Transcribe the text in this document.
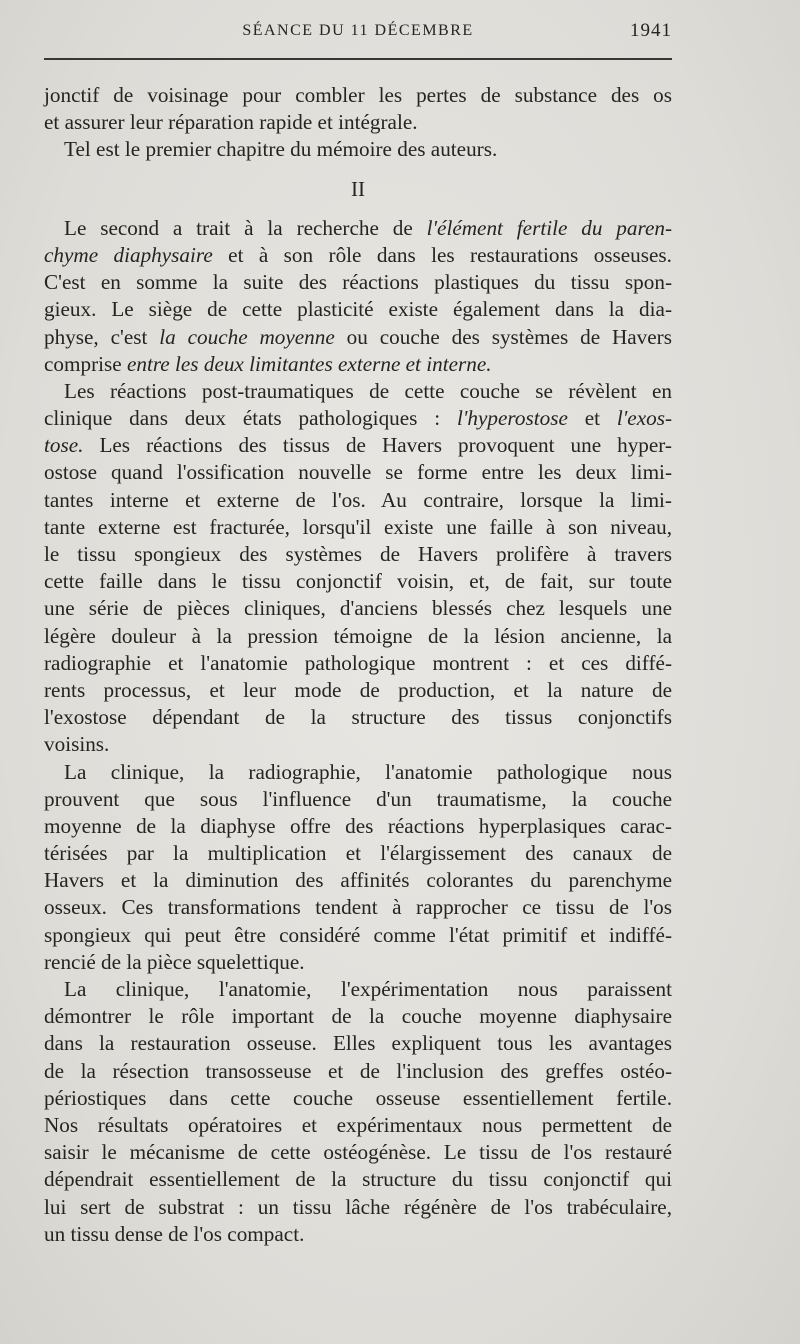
SÉANCE DU 11 DÉCEMBRE	1941
jonctif de voisinage pour combler les pertes de substance des os
et assurer leur réparation rapide et intégrale.
Tel est le premier chapitre du mémoire des auteurs.
II
Le second a trait à la recherche de l'élément fertile du paren-
chyme diaphysaire et à son rôle dans les restaurations osseuses.
C'est en somme la suite des réactions plastiques du tissu spon-
gieux. Le siège de cette plasticité existe également dans la dia-
physe, c'est la couche moyenne ou couche des systèmes de Havers
comprise entre les deux limitantes externe et interne.
Les réactions post-traumatiques de cette couche se révèlent en
clinique dans deux états pathologiques : l'hyperostose et l'exos-
tose. Les réactions des tissus de Havers provoquent une hyper-
ostose quand l'ossification nouvelle se forme entre les deux limi-
tantes interne et externe de l'os. Au contraire, lorsque la limi-
tante externe est fracturée, lorsqu'il existe une faille à son niveau,
le tissu spongieux des systèmes de Havers prolifère à travers
cette faille dans le tissu conjonctif voisin, et, de fait, sur toute
une série de pièces cliniques, d'anciens blessés chez lesquels une
légère douleur à la pression témoigne de la lésion ancienne, la
radiographie et l'anatomie pathologique montrent : et ces diffé-
rents processus, et leur mode de production, et la nature de
l'exostose dépendant de la structure des tissus conjonctifs
voisins.
La clinique, la radiographie, l'anatomie pathologique nous
prouvent que sous l'influence d'un traumatisme, la couche
moyenne de la diaphyse offre des réactions hyperplasiques carac-
térisées par la multiplication et l'élargissement des canaux de
Havers et la diminution des affinités colorantes du parenchyme
osseux. Ces transformations tendent à rapprocher ce tissu de l'os
spongieux qui peut être considéré comme l'état primitif et indiffé-
rencié de la pièce squelettique.
La clinique, l'anatomie, l'expérimentation nous paraissent
démontrer le rôle important de la couche moyenne diaphysaire
dans la restauration osseuse. Elles expliquent tous les avantages
de la résection transosseuse et de l'inclusion des greffes ostéo-
périostiques dans cette couche osseuse essentiellement fertile.
Nos résultats opératoires et expérimentaux nous permettent de
saisir le mécanisme de cette ostéogénèse. Le tissu de l'os restauré
dépendrait essentiellement de la structure du tissu conjonctif qui
lui sert de substrat : un tissu lâche régénère de l'os trabéculaire,
un tissu dense de l'os compact.
